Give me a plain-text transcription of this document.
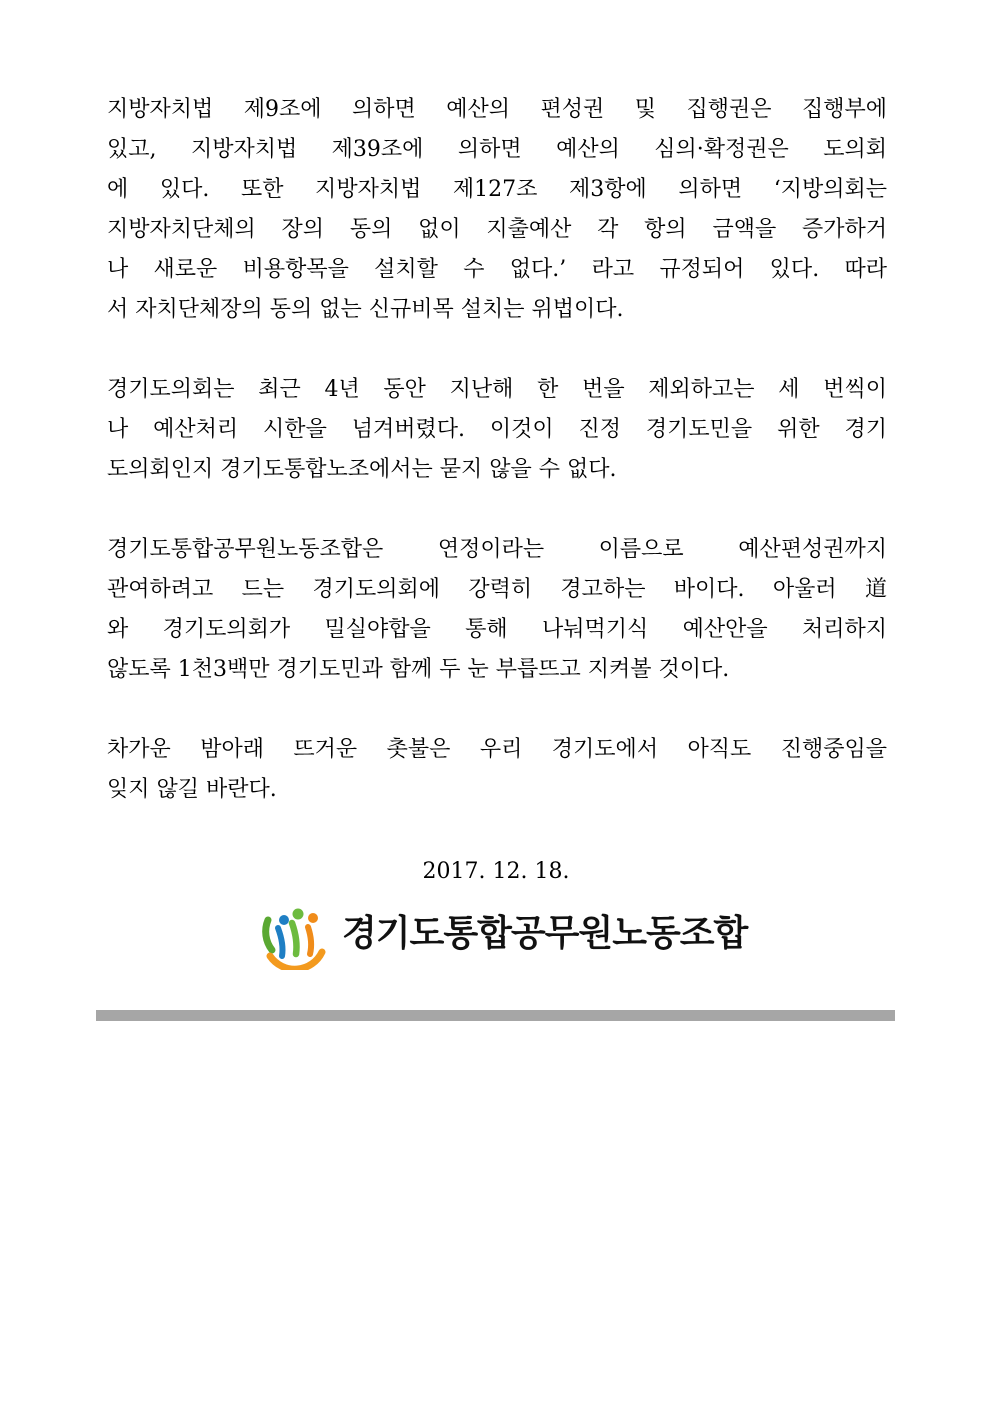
지방자치법 제9조에 의하면 예산의 편성권 및 집행권은 집행부에
있고, 지방자치법 제39조에 의하면 예산의 심의·확정권은 도의회
에 있다. 또한 지방자치법 제127조 제3항에 의하면 ‘지방의회는
지방자치단체의 장의 동의 없이 지출예산 각 항의 금액을 증가하거
나 새로운 비용항목을 설치할 수 없다.’ 라고 규정되어 있다. 따라
서 자치단체장의 동의 없는 신규비목 설치는 위법이다.
경기도의회는 최근 4년 동안 지난해 한 번을 제외하고는 세 번씩이
나 예산처리 시한을 넘겨버렸다. 이것이 진정 경기도민을 위한 경기
도의회인지 경기도통합노조에서는 묻지 않을 수 없다.
경기도통합공무원노동조합은 연정이라는 이름으로 예산편성권까지
관여하려고 드는 경기도의회에 강력히 경고하는 바이다. 아울러 道
와 경기도의회가 밀실야합을 통해 나눠먹기식 예산안을 처리하지
않도록 1천3백만 경기도민과 함께 두 눈 부릅뜨고 지켜볼 것이다.
차가운 밤아래 뜨거운 촛불은 우리 경기도에서 아직도 진행중임을
잊지 않길 바란다.
2017. 12. 18.
경기도통합공무원노동조합
